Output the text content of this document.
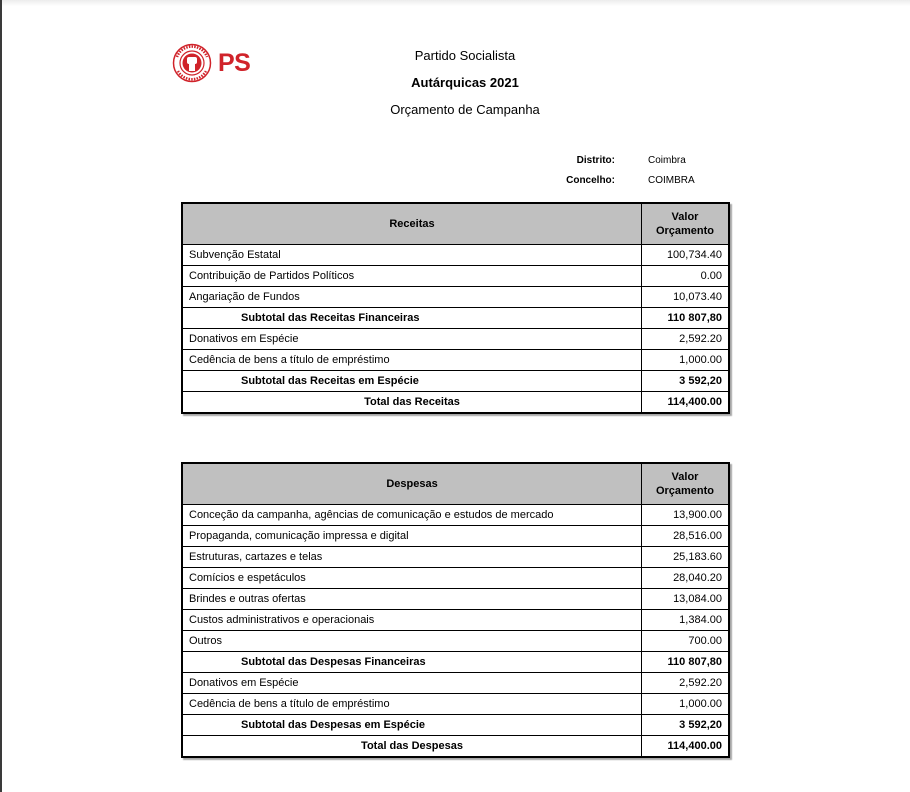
PS	Partido Socialista
Autárquicas 2021
Orçamento de Campanha
Distrito:	Coimbra
Concelho:	COIMBRA
Receitas	Valor
Orçamento
Subvenção Estatal	100,734.40
Contribuição de Partidos Políticos	0.00
Angariação de Fundos	10,073.40
Subtotal das Receitas Financeiras	110 807,80
Donativos em Espécie	2,592.20
Cedência de bens a título de empréstimo	1,000.00
Subtotal das Receitas em Espécie	3 592,20
Total das Receitas	114,400.00
Despesas	Valor
Orçamento
Conceção da campanha, agências de comunicação e estudos de mercado	13,900.00
Propaganda, comunicação impressa e digital	28,516.00
Estruturas, cartazes e telas	25,183.60
Comícios e espetáculos	28,040.20
Brindes e outras ofertas	13,084.00
Custos administrativos e operacionais	1,384.00
Outros	700.00
Subtotal das Despesas Financeiras	110 807,80
Donativos em Espécie	2,592.20
Cedência de bens a título de empréstimo	1,000.00
Subtotal das Despesas em Espécie	3 592,20
Total das Despesas	114,400.00
